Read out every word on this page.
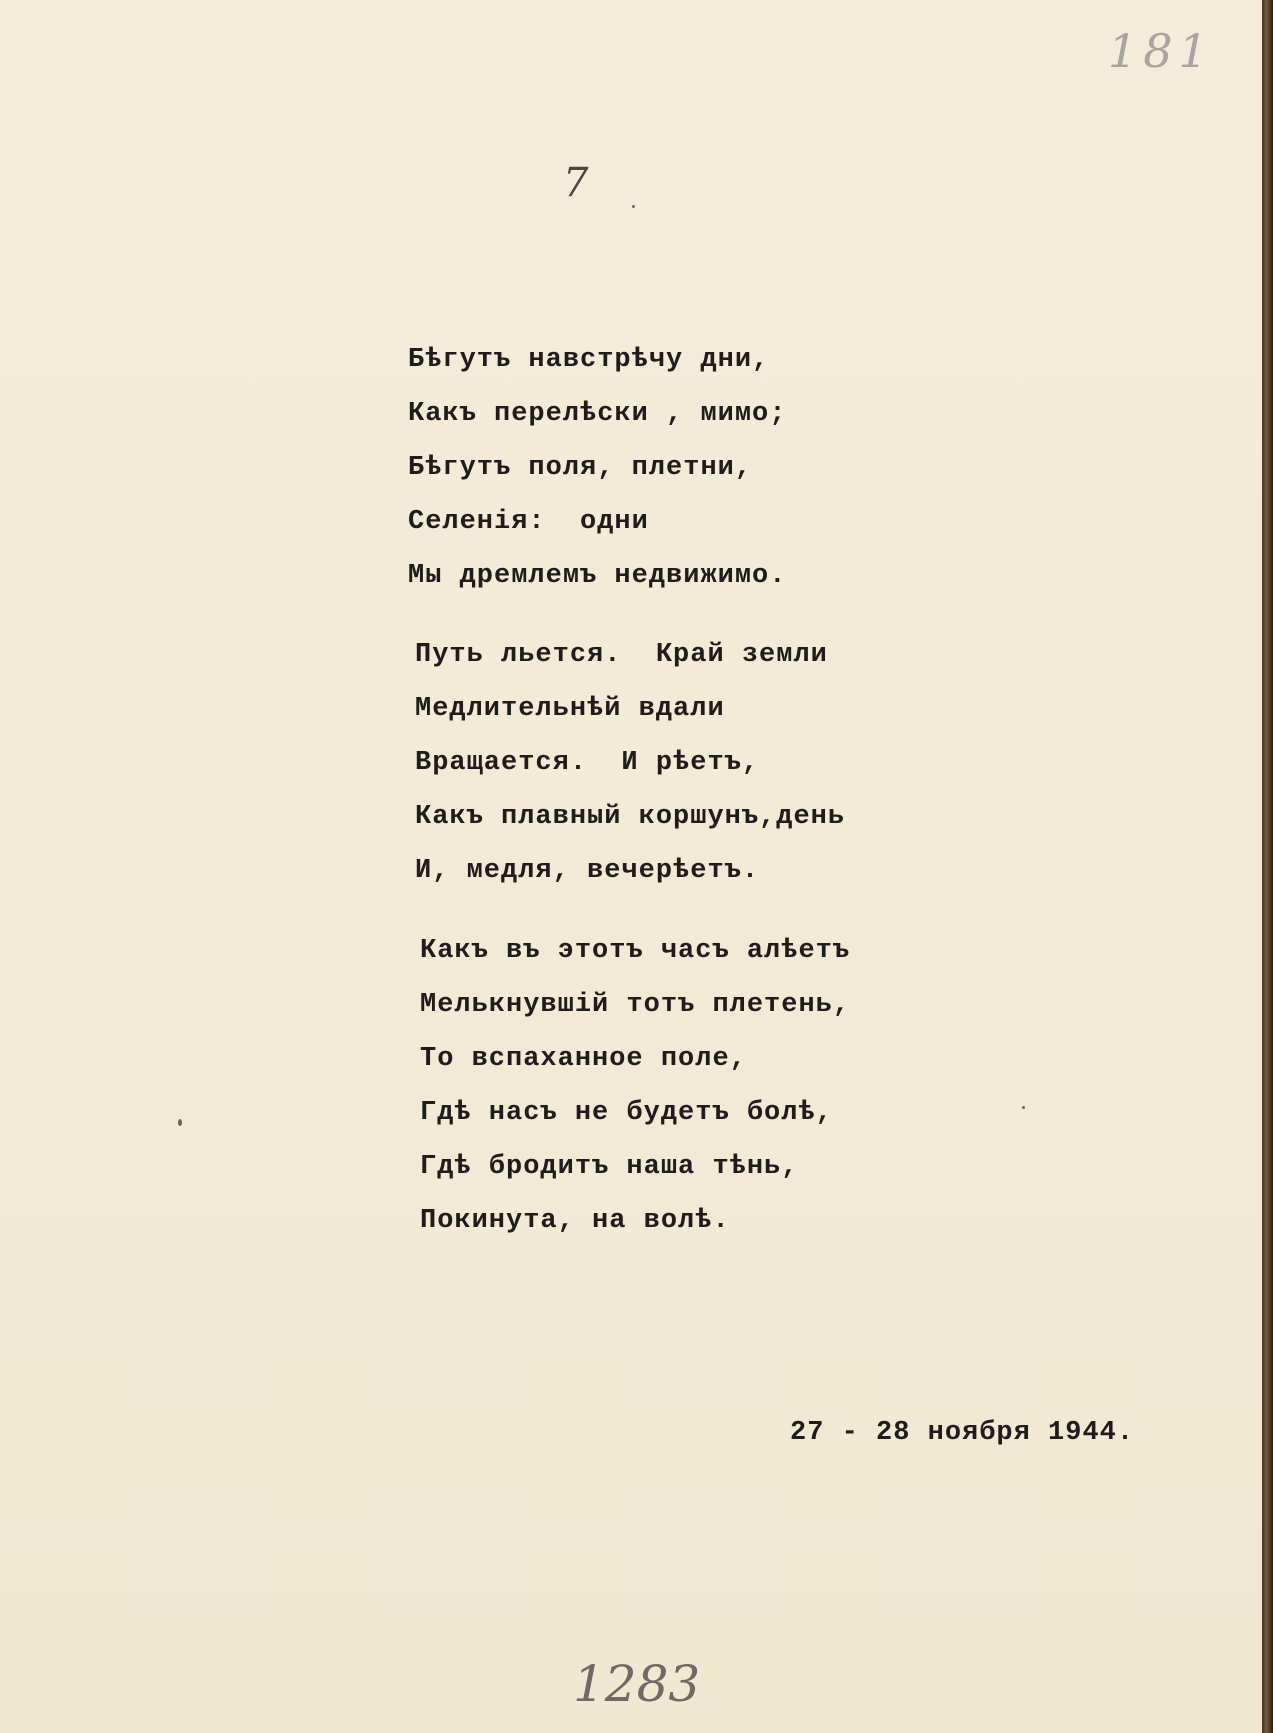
181
7
Бѣгутъ навстрѣчу дни,
Какъ перелѣски , мимо;
Бѣгутъ поля, плетни,
Селенія:  одни
Мы дремлемъ недвижимо.
Путь льется.  Край земли
Медлительнѣй вдали
Вращается.  И рѣетъ,
Какъ плавный коршунъ,день
И, медля, вечерѣетъ.
Какъ въ этотъ часъ алѣетъ
Мелькнувшій тотъ плетень,
То вспаханное поле,
Гдѣ насъ не будетъ болѣ,
Гдѣ бродитъ наша тѣнь,
Покинута, на волѣ.
27 - 28 ноября 1944.
1283
